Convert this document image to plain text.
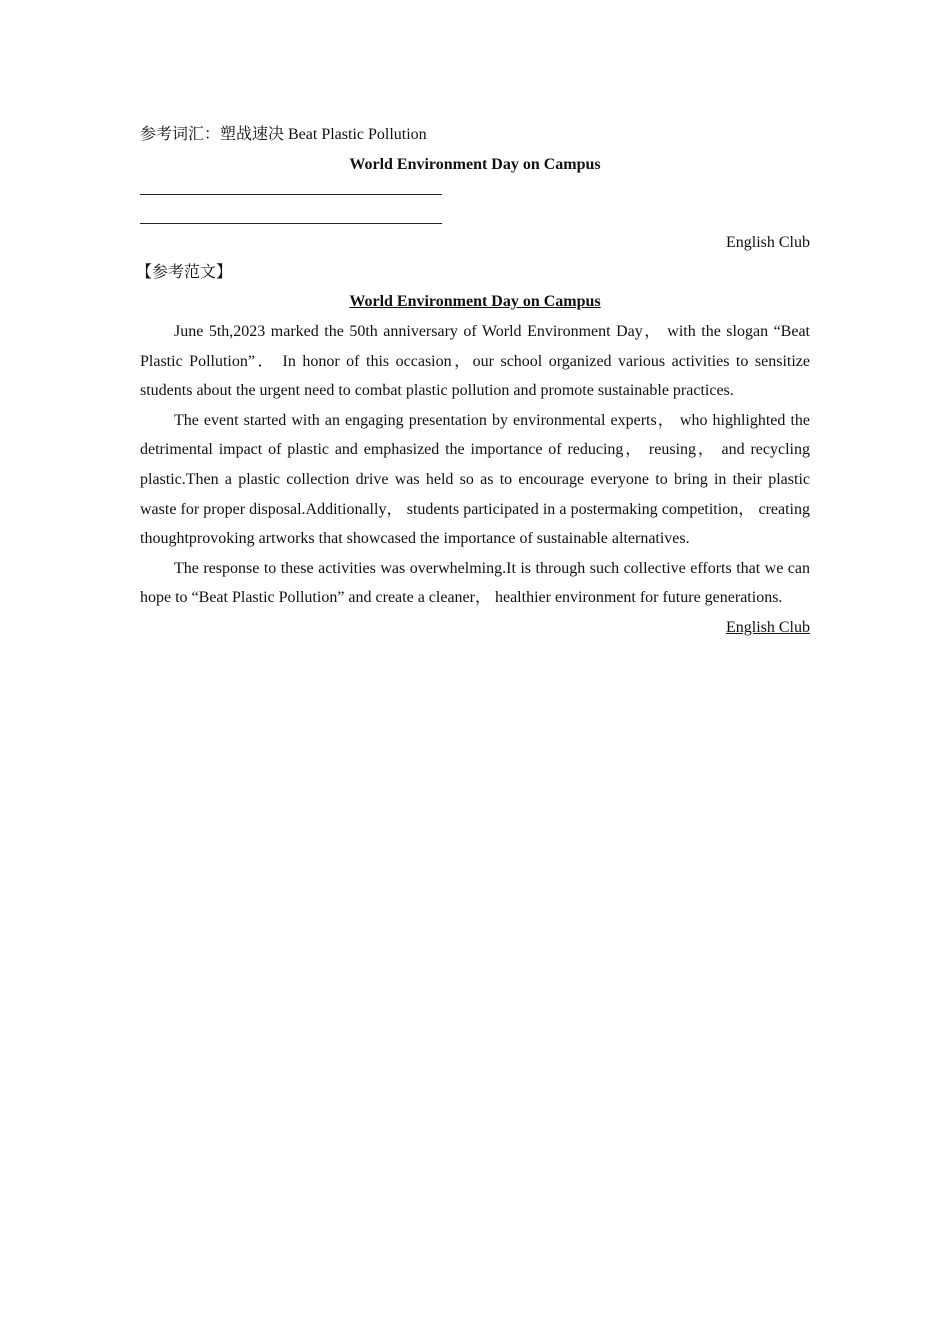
参考词汇：塑战速决 Beat Plastic Pollution

World Environment Day on Campus

English Club

【参考范文】

World Environment Day on Campus

June 5th,2023 marked the 50th anniversary of World Environment Day， with the slogan “Beat Plastic Pollution”． In honor of this occasion，our school organized various activities to sensitize students about the urgent need to combat plastic pollution and promote sustainable practices.

The event started with an engaging presentation by environmental experts， who highlighted the detrimental impact of plastic and emphasized the importance of reducing， reusing， and recycling plastic.Then a plastic collection drive was held so as to encourage everyone to bring in their plastic waste for proper disposal.Additionally， students participated in a postermaking competition， creating thoughtprovoking artworks that showcased the importance of sustainable alternatives.

The response to these activities was overwhelming.It is through such collective efforts that we can hope to “Beat Plastic Pollution” and create a cleaner， healthier environment for future generations.

English Club
